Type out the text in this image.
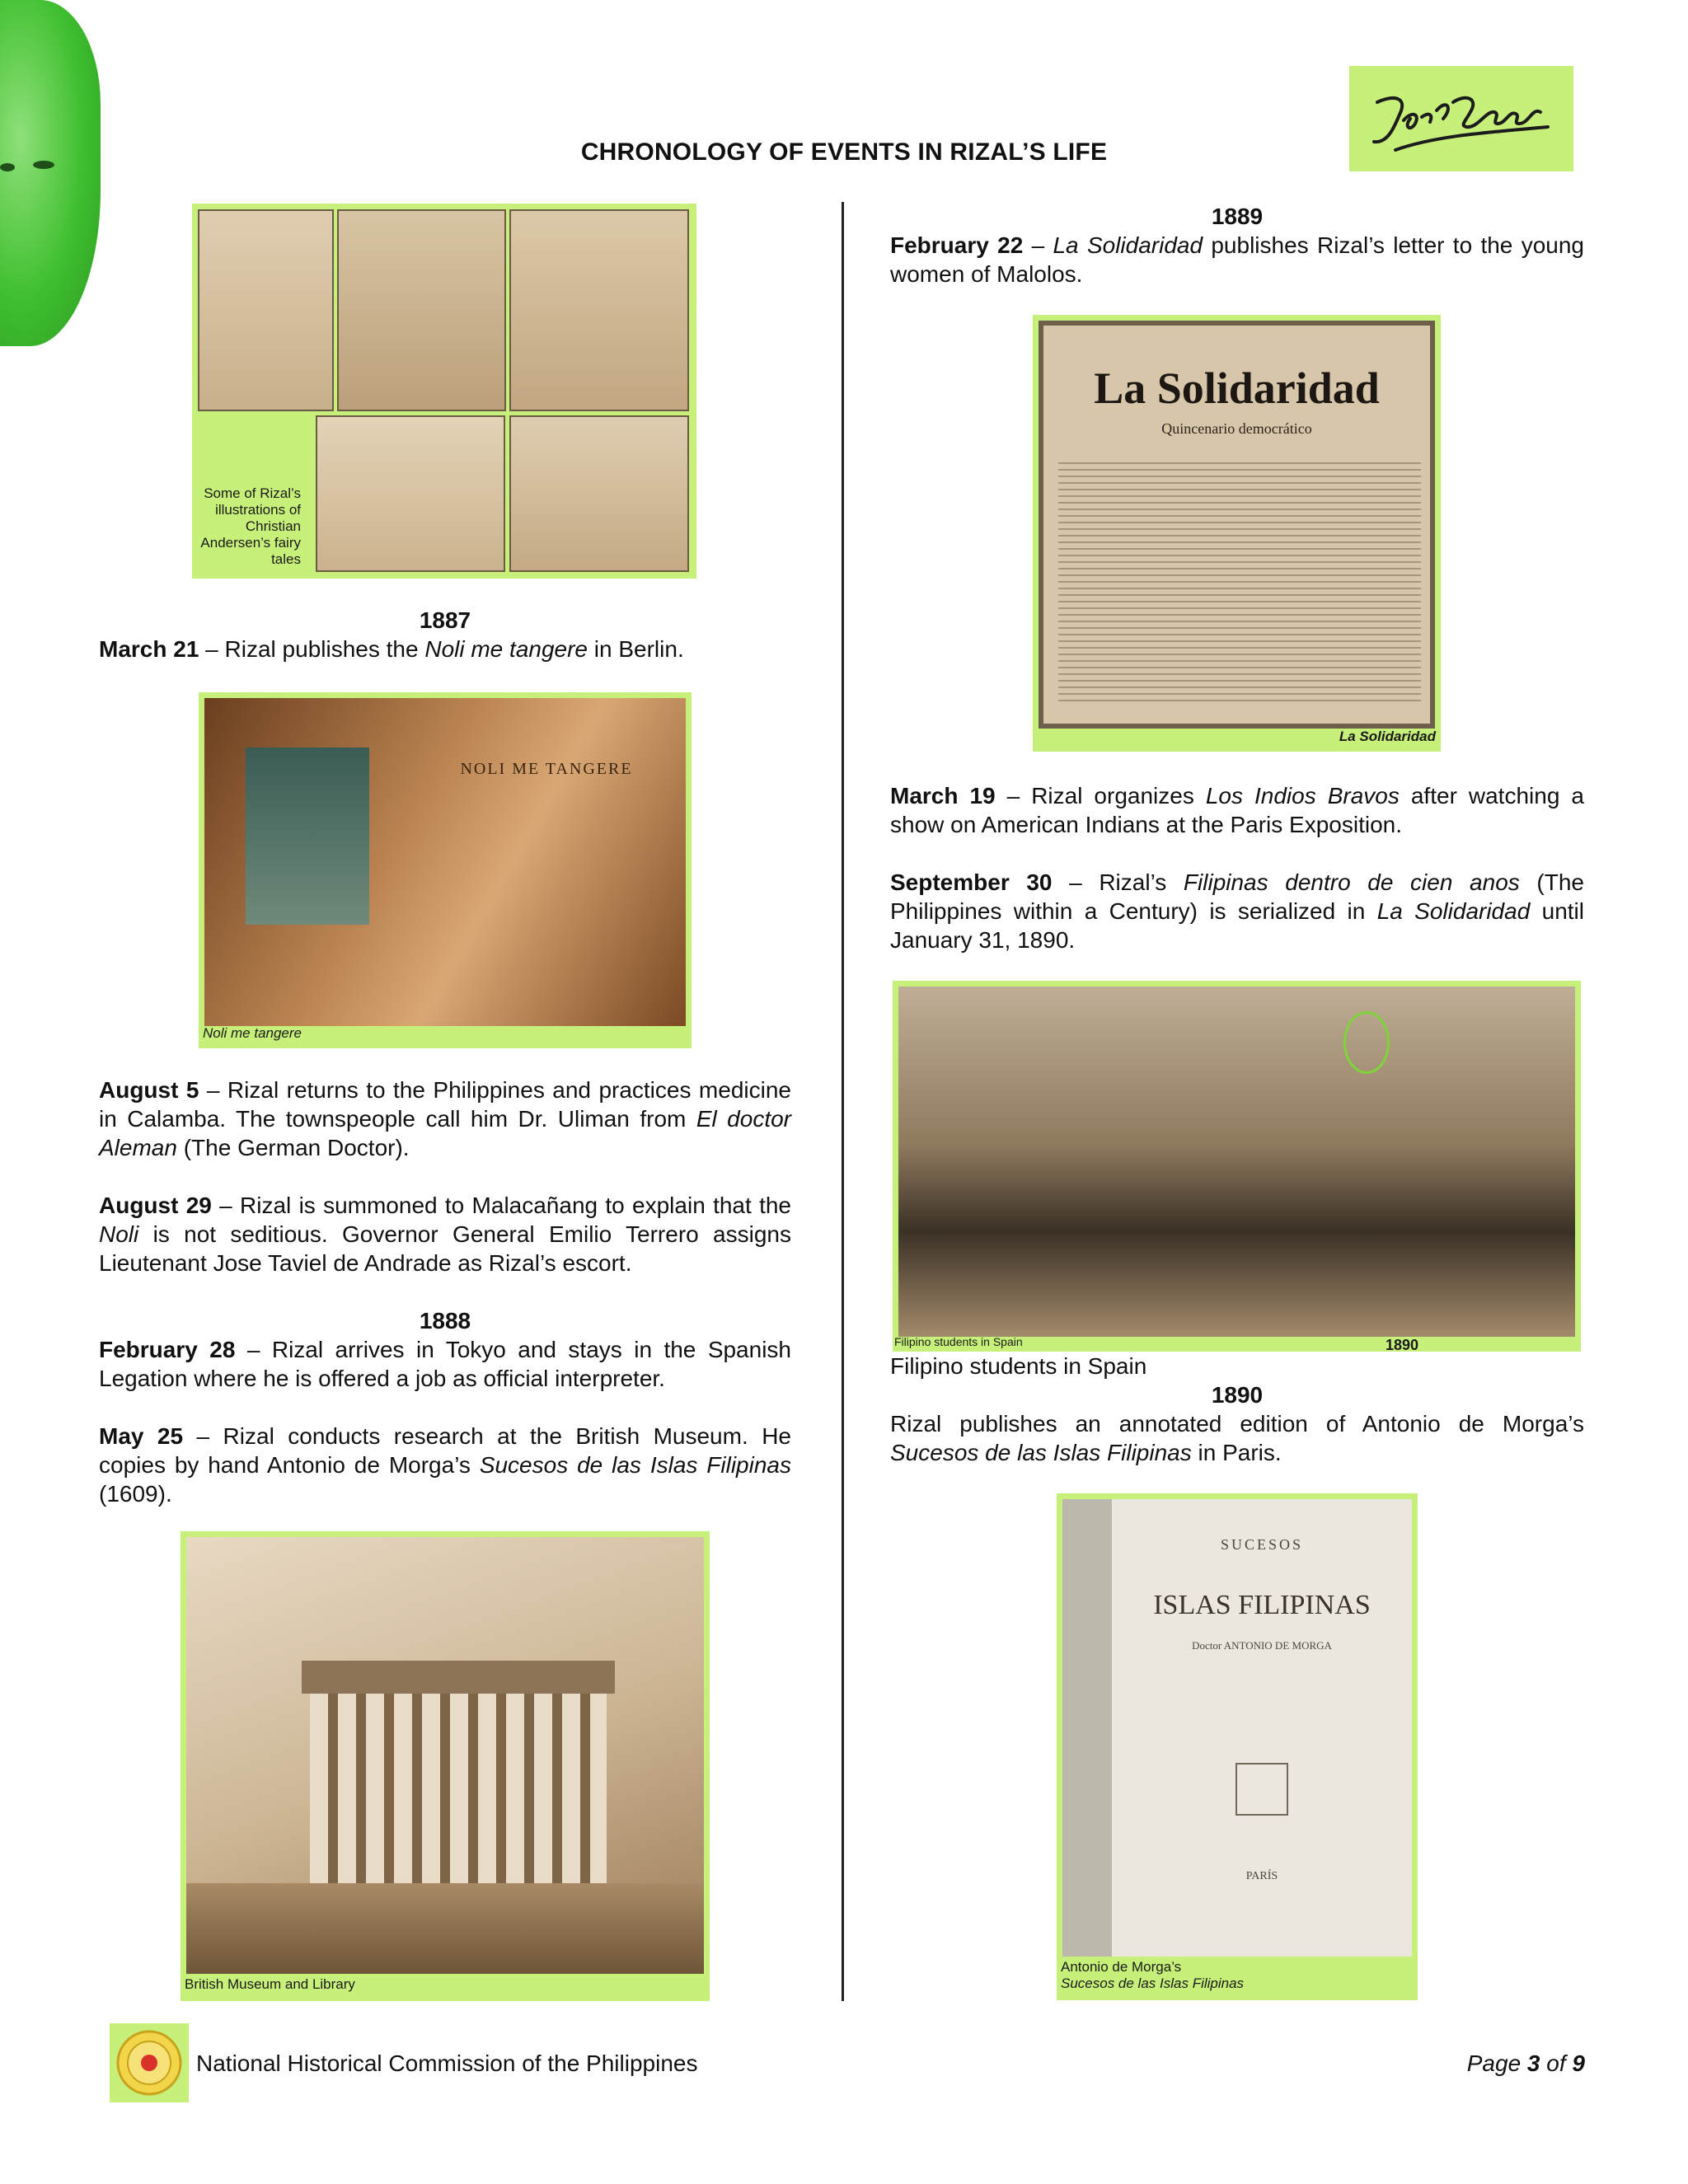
CHRONOLOGY OF EVENTS IN RIZAL’S LIFE
Some of Rizal’s illustrations of Christian Andersen’s fairy tales

1887

March 21 – Rizal publishes the Noli me tangere in Berlin.

NOLI ME TANGERE
Noli me tangere

August 5 – Rizal returns to the Philippines and practices medicine in Calamba. The townspeople call him Dr. Uliman from El doctor Aleman (The German Doctor).

August 29 – Rizal is summoned to Malacañang to explain that the Noli is not seditious. Governor General Emilio Terrero assigns Lieutenant Jose Taviel de Andrade as Rizal’s escort.

1888

February 28 – Rizal arrives in Tokyo and stays in the Spanish Legation where he is offered a job as official interpreter.

May 25 – Rizal conducts research at the British Museum. He copies by hand Antonio de Morga’s Sucesos de las Islas Filipinas (1609).

British Museum and Library

1889

February 22 – La Solidaridad publishes Rizal’s letter to the young women of Malolos.

La Solidaridad
Quincenario democrático
La Solidaridad

March 19 – Rizal organizes Los Indios Bravos after watching a show on American Indians at the Paris Exposition.

September 30 – Rizal’s Filipinas dentro de cien anos (The Philippines within a Century) is serialized in La Solidaridad until January 31, 1890.

Filipino students in Spain	1890

Filipino students in Spain

1890

Rizal publishes an annotated edition of Antonio de Morga’s Sucesos de las Islas Filipinas in Paris.

SUCESOS
ISLAS FILIPINAS
Doctor ANTONIO DE MORGA
PARÍS
Antonio de Morga’s
Sucesos de las Islas Filipinas
National Historical Commission of the Philippines	Page 3 of 9
